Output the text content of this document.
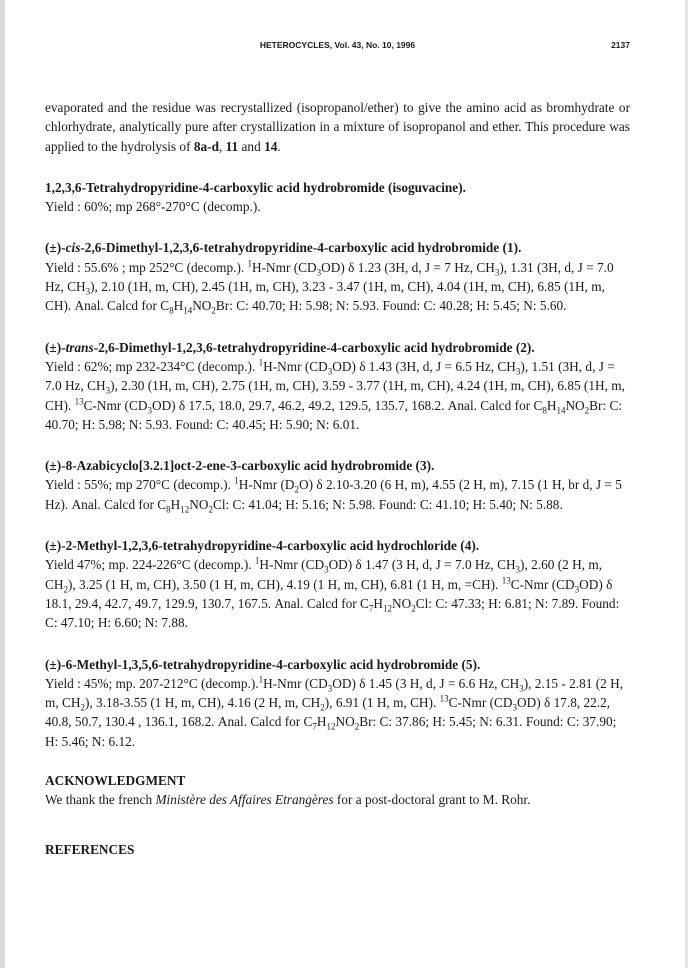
HETEROCYCLES, Vol. 43, No. 10, 1996	2137

evaporated and the residue was recrystallized (isopropanol/ether) to give the amino acid as bromhydrate or chlorhydrate, analytically pure after crystallization in a mixture of isopropanol and ether. This procedure was applied to the hydrolysis of 8a-d, 11 and 14.

1,2,3,6-Tetrahydropyridine-4-carboxylic acid hydrobromide (isoguvacine).

Yield : 60%; mp 268°-270°C (decomp.).

(±)-cis-2,6-Dimethyl-1,2,3,6-tetrahydropyridine-4-carboxylic acid hydrobromide (1).

Yield : 55.6% ; mp 252°C (decomp.). $^1$H-Nmr $(CD_3OD)$ δ 1.23 (3H, d, J = 7 Hz, $CH_3$), 1.31 (3H, d, J = 7.0 Hz, $CH_3$), 2.10 (1H, m, CH), 2.45 (1H, m, CH), 3.23 - 3.47 (1H, m, CH), 4.04 (1H, m, CH), 6.85 (1H, m, CH). Anal. Calcd for $C_8H_{14}NO_2Br$: C: 40.70; H: 5.98; N: 5.93. Found: C: 40.28; H: 5.45; N: 5.60.

(±)-trans-2,6-Dimethyl-1,2,3,6-tetrahydropyridine-4-carboxylic acid hydrobromide (2).

Yield : 62%; mp 232-234°C (decomp.). $^1$H-Nmr $(CD_3OD)$ δ 1.43 (3H, d, J = 6.5 Hz, $CH_3$), 1.51 (3H, d, J = 7.0 Hz, $CH_3$), 2.30 (1H, m, CH), 2.75 (1H, m, CH), 3.59 - 3.77 (1H, m, CH), 4.24 (1H, m, CH), 6.85 (1H, m, CH). $^{13}$C-Nmr $(CD_3OD)$ δ 17.5, 18.0, 29.7, 46.2, 49.2, 129.5, 135.7, 168.2. Anal. Calcd for $C_8H_{14}NO_2Br$: C: 40.70; H: 5.98; N: 5.93. Found: C: 40.45; H: 5.90; N: 6.01.

(±)-8-Azabicyclo[3.2.1]oct-2-ene-3-carboxylic acid hydrobromide (3).

Yield : 55%; mp 270°C (decomp.). $^1$H-Nmr $(D_2O)$ δ 2.10-3.20 (6 H, m), 4.55 (2 H, m), 7.15 (1 H, br d, J = 5 Hz). Anal. Calcd for $C_8H_{12}NO_2Cl$: C: 41.04; H: 5.16; N: 5.98. Found: C: 41.10; H: 5.40; N: 5.88.

(±)-2-Methyl-1,2,3,6-tetrahydropyridine-4-carboxylic acid hydrochloride (4).

Yield 47%; mp. 224-226°C (decomp.). $^1$H-Nmr $(CD_3OD)$ δ 1.47 (3 H, d, J = 7.0 Hz, $CH_3$), 2.60 (2 H, m, $CH_2$), 3.25 (1 H, m, CH), 3.50 (1 H, m, CH), 4.19 (1 H, m, CH), 6.81 (1 H, m, =CH). $^{13}$C-Nmr $(CD_3OD)$ δ 18.1, 29.4, 42.7, 49.7, 129.9, 130.7, 167.5. Anal. Calcd for $C_7H_{12}NO_2Cl$: C: 47.33; H: 6.81; N: 7.89. Found: C: 47.10; H: 6.60; N: 7.88.

(±)-6-Methyl-1,3,5,6-tetrahydropyridine-4-carboxylic acid hydrobromide (5).

Yield : 45%; mp. 207-212°C (decomp.).$^1$H-Nmr $(CD_3OD)$ δ 1.45 (3 H, d, J = 6.6 Hz, $CH_3$), 2.15 - 2.81 (2 H, m, $CH_2$), 3.18-3.55 (1 H, m, CH), 4.16 (2 H, m, $CH_2$), 6.91 (1 H, m, CH). $^{13}$C-Nmr $(CD_3OD)$ δ 17.8, 22.2, 40.8, 50.7, 130.4 , 136.1, 168.2. Anal. Calcd for $C_7H_{12}NO_2Br$: C: 37.86; H: 5.45; N: 6.31. Found: C: 37.90; H: 5.46; N: 6.12.

ACKNOWLEDGMENT

We thank the french Ministère des Affaires Etrangères for a post-doctoral grant to M. Rohr.

REFERENCES
